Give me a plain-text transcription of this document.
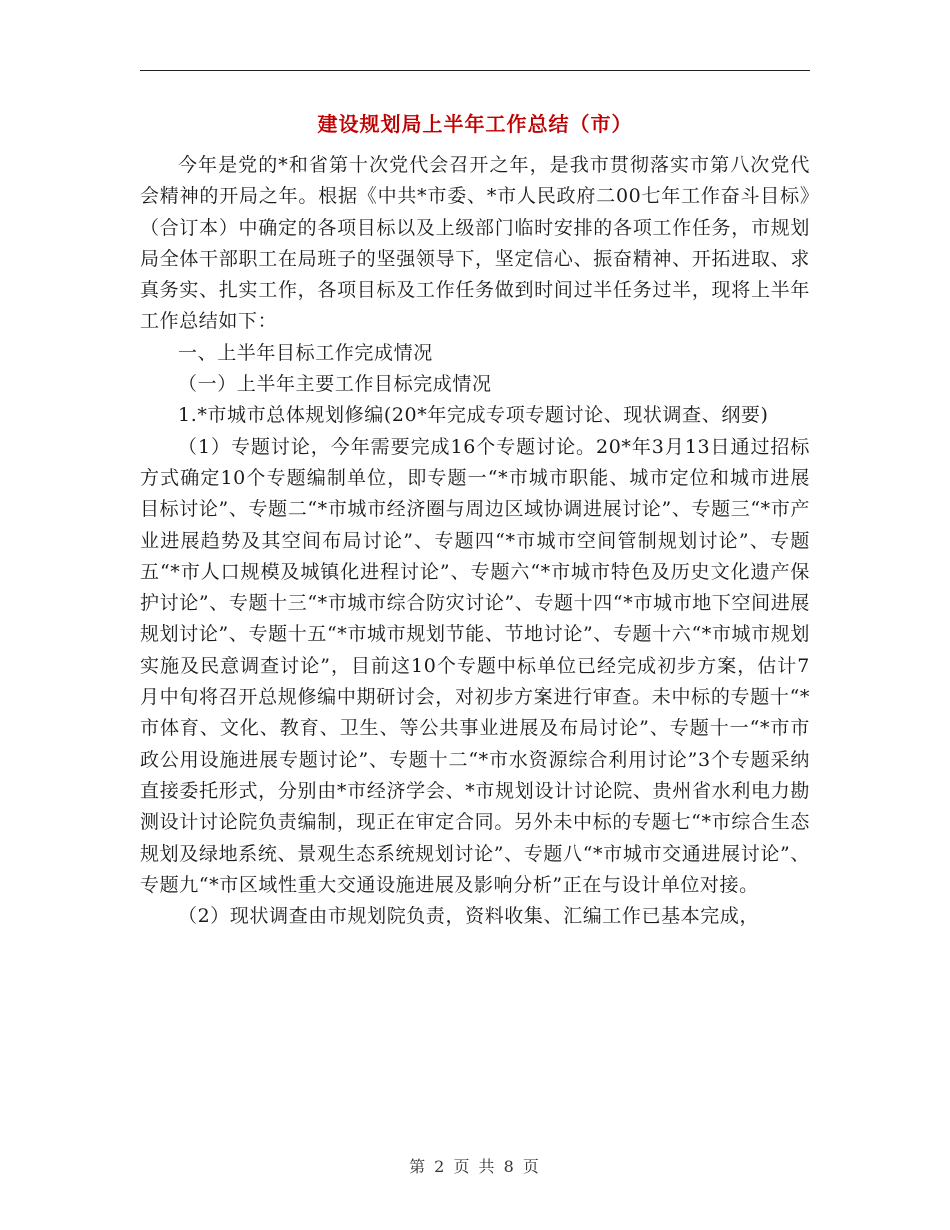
建设规划局上半年工作总结（市）

今年是党的*和省第十次党代会召开之年，是我市贯彻落实市第八次党代会精神的开局之年。根据《中共*市委、*市人民政府二00七年工作奋斗目标》（合订本）中确定的各项目标以及上级部门临时安排的各项工作任务，市规划局全体干部职工在局班子的坚强领导下，坚定信心、振奋精神、开拓进取、求真务实、扎实工作，各项目标及工作任务做到时间过半任务过半，现将上半年工作总结如下：

一、上半年目标工作完成情况

（一）上半年主要工作目标完成情况

1.*市城市总体规划修编(20*年完成专项专题讨论、现状调查、纲要)

（1）专题讨论，今年需要完成16个专题讨论。20*年3月13日通过招标方式确定10个专题编制单位，即专题一“*市城市职能、城市定位和城市进展目标讨论”、专题二“*市城市经济圈与周边区域协调进展讨论”、专题三“*市产业进展趋势及其空间布局讨论”、专题四“*市城市空间管制规划讨论”、专题五“*市人口规模及城镇化进程讨论”、专题六“*市城市特色及历史文化遗产保护讨论”、专题十三“*市城市综合防灾讨论”、专题十四“*市城市地下空间进展规划讨论”、专题十五“*市城市规划节能、节地讨论”、专题十六“*市城市规划实施及民意调查讨论”，目前这10个专题中标单位已经完成初步方案，估计7月中旬将召开总规修编中期研讨会，对初步方案进行审查。未中标的专题十“*市体育、文化、教育、卫生、等公共事业进展及布局讨论”、专题十一“*市市政公用设施进展专题讨论”、专题十二“*市水资源综合利用讨论”3个专题采纳直接委托形式，分别由*市经济学会、*市规划设计讨论院、贵州省水利电力勘测设计讨论院负责编制，现正在审定合同。另外未中标的专题七“*市综合生态规划及绿地系统、景观生态系统规划讨论”、专题八“*市城市交通进展讨论”、专题九“*市区域性重大交通设施进展及影响分析”正在与设计单位对接。

（2）现状调查由市规划院负责，资料收集、汇编工作已基本完成，

第 2 页 共 8 页
